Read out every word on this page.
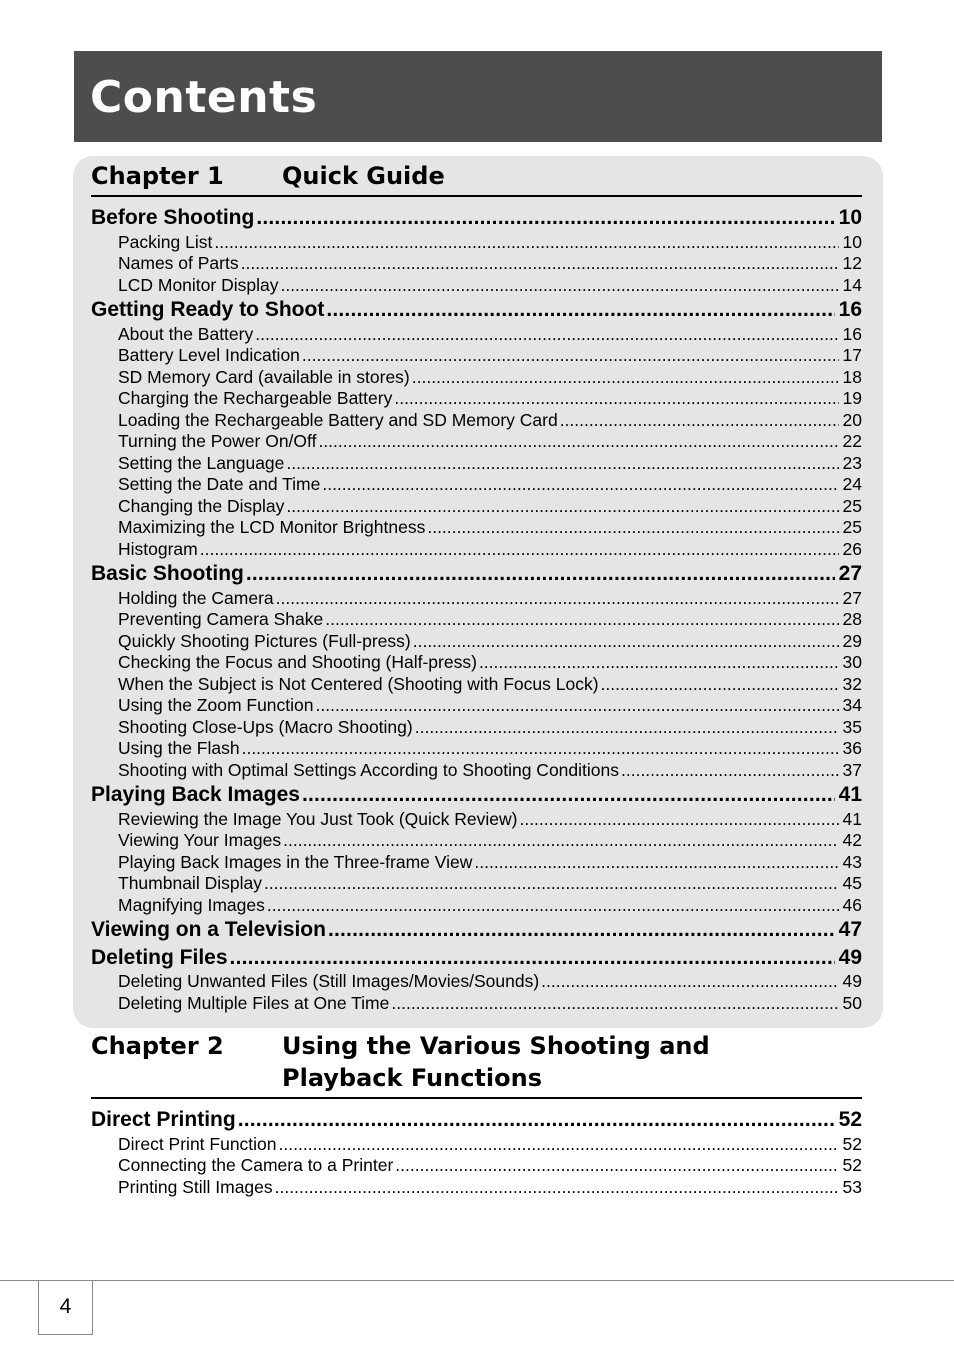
Contents
Chapter 1 Quick Guide
Before Shooting .....	10
Packing List .....	10
Names of Parts .....	12
LCD Monitor Display .....	14
Getting Ready to Shoot .....	16
About the Battery .....	16
Battery Level Indication .....	17
SD Memory Card (available in stores) .....	18
Charging the Rechargeable Battery .....	19
Loading the Rechargeable Battery and SD Memory Card .....	20
Turning the Power On/Off .....	22
Setting the Language .....	23
Setting the Date and Time .....	24
Changing the Display .....	25
Maximizing the LCD Monitor Brightness .....	25
Histogram .....	26
Basic Shooting .....	27
Holding the Camera .....	27
Preventing Camera Shake .....	28
Quickly Shooting Pictures (Full-press) .....	29
Checking the Focus and Shooting (Half-press) .....	30
When the Subject is Not Centered (Shooting with Focus Lock) .....	32
Using the Zoom Function .....	34
Shooting Close-Ups (Macro Shooting) .....	35
Using the Flash .....	36
Shooting with Optimal Settings According to Shooting Conditions .....	37
Playing Back Images .....	41
Reviewing the Image You Just Took (Quick Review) .....	41
Viewing Your Images .....	42
Playing Back Images in the Three-frame View .....	43
Thumbnail Display .....	45
Magnifying Images .....	46
Viewing on a Television .....	47
Deleting Files .....	49
Deleting Unwanted Files (Still Images/Movies/Sounds) .....	49
Deleting Multiple Files at One Time .....	50
Chapter 2 Using the Various Shooting and
Playback Functions
Direct Printing .....	52
Direct Print Function .....	52
Connecting the Camera to a Printer .....	52
Printing Still Images .....	53
4
